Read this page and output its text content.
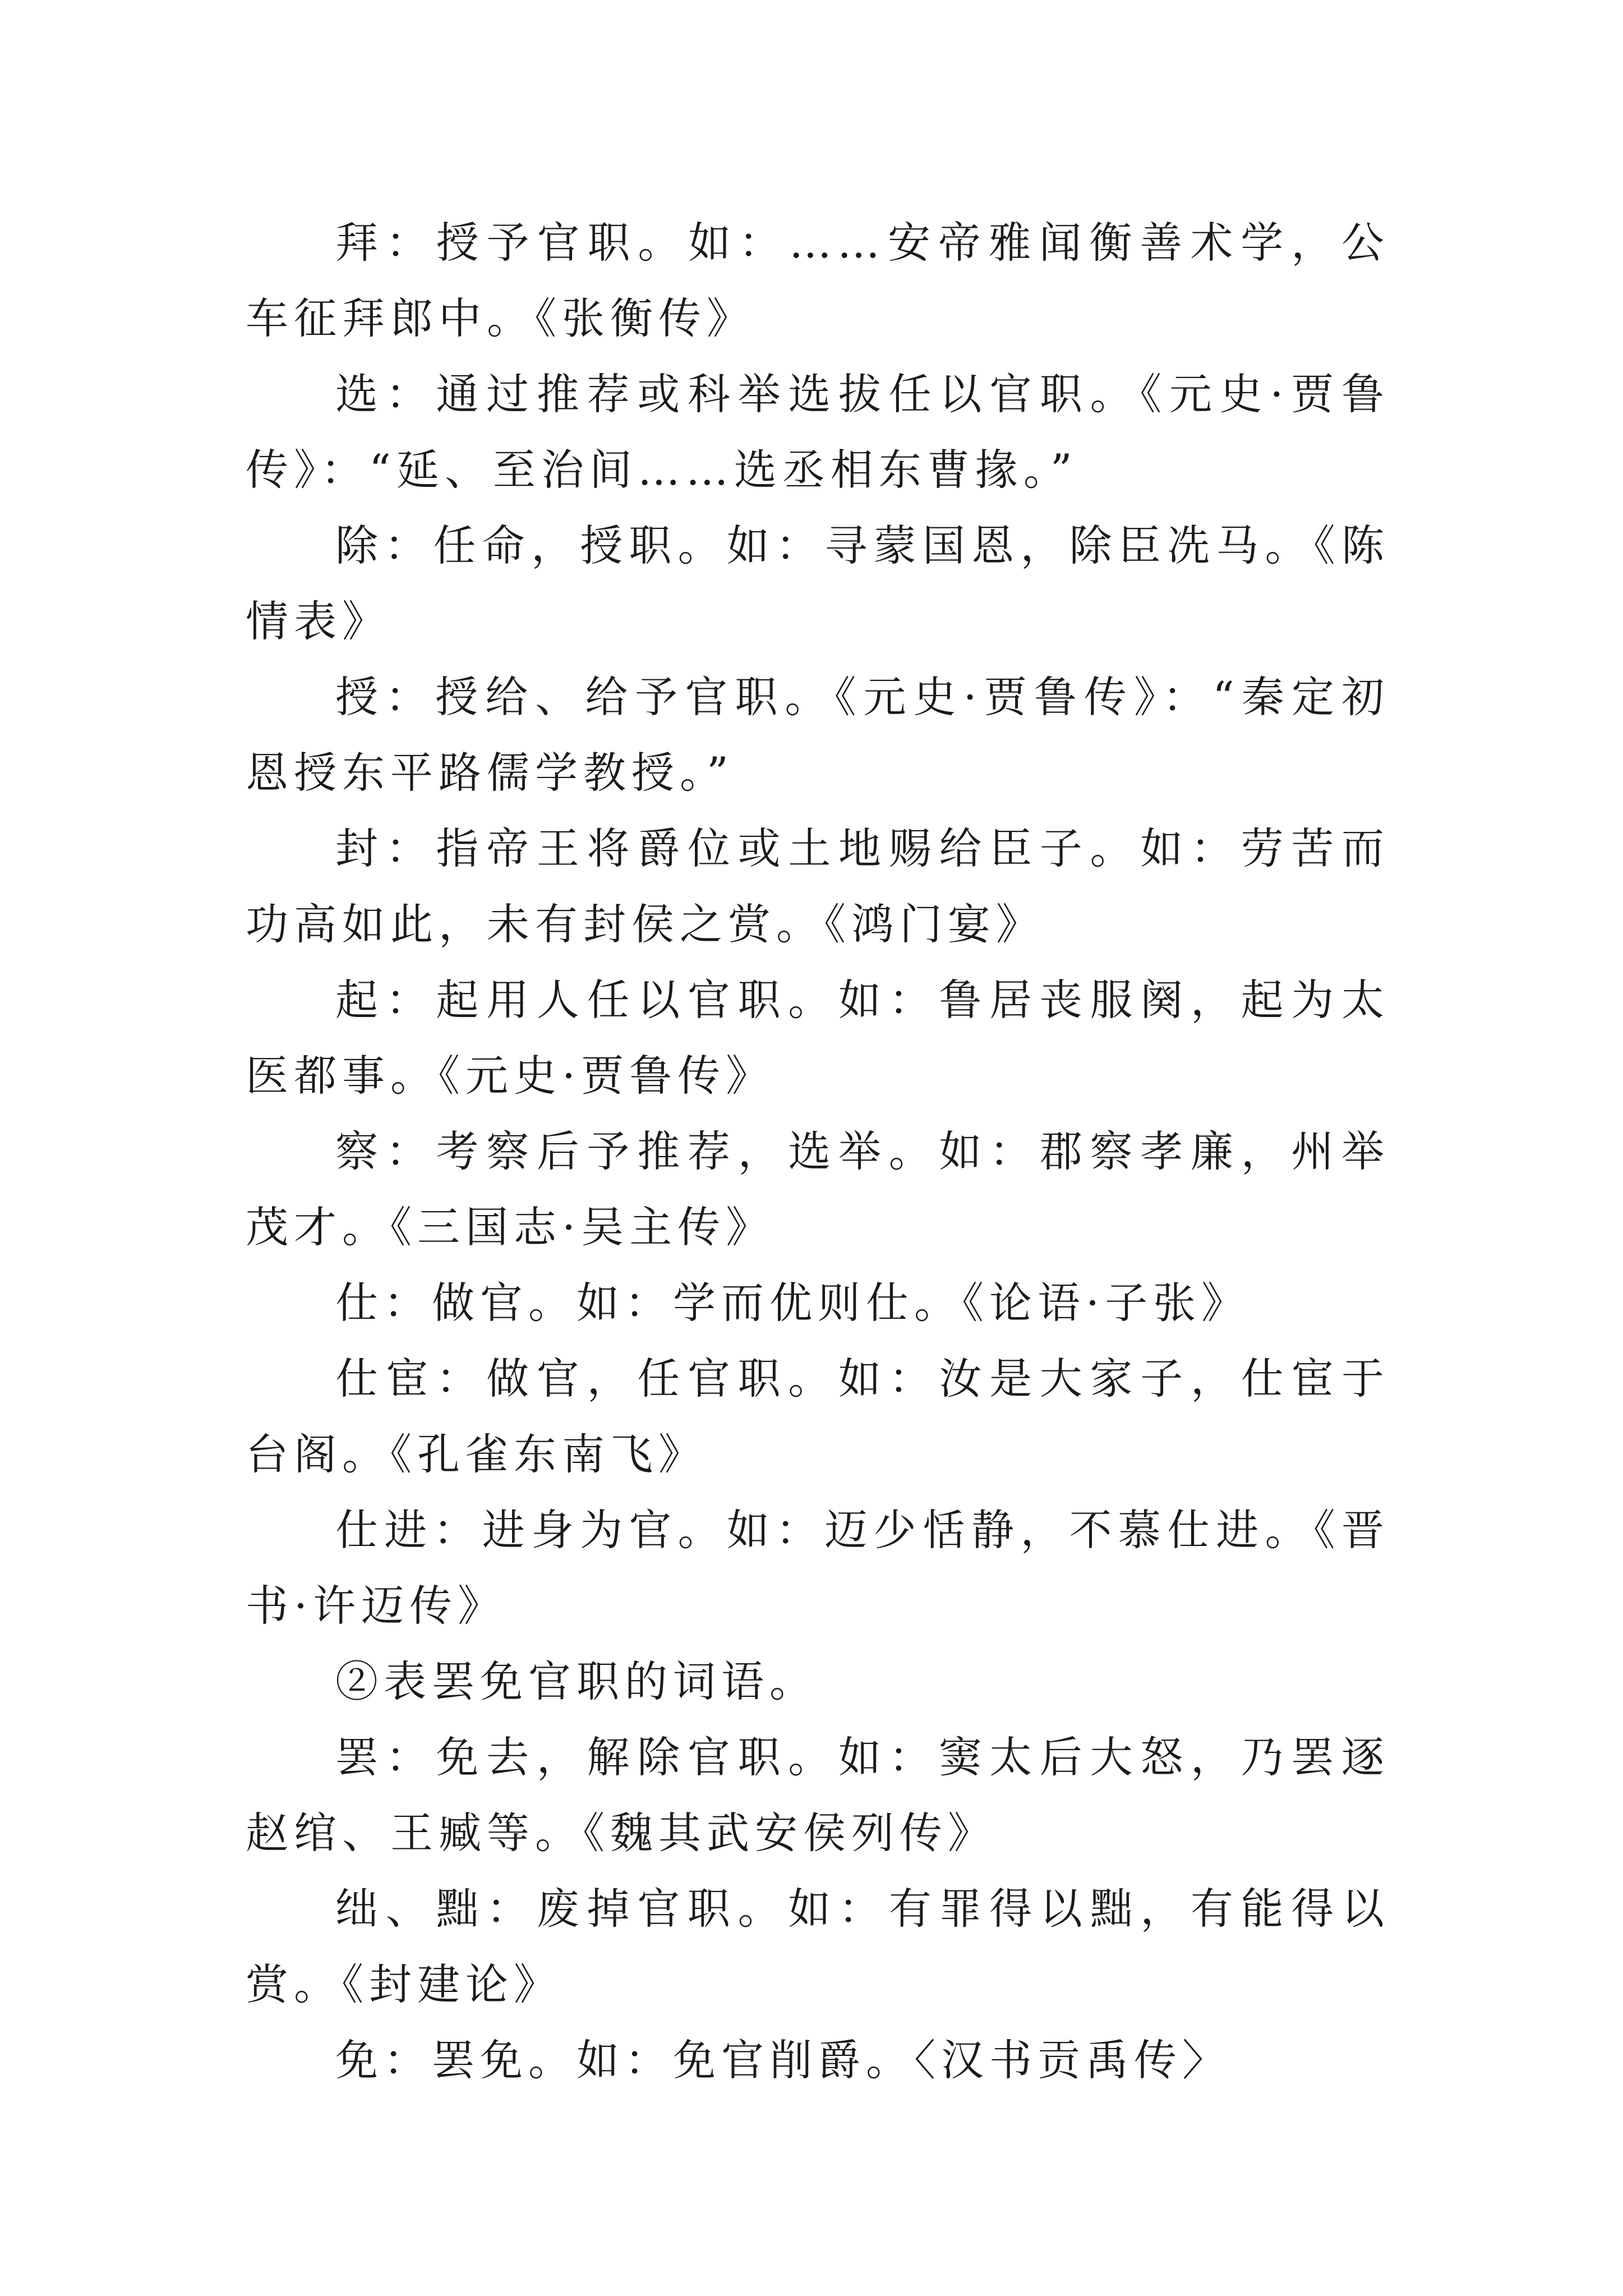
拜：授予官职。如：……安帝雅闻衡善术学，公车征拜郎中。《张衡传》

选：通过推荐或科举选拔任以官职。《元史·贾鲁传》：“延、至治间……选丞相东曹掾。”

除：任命，授职。如：寻蒙国恩，除臣冼马。《陈情表》

授：授给、给予官职。《元史·贾鲁传》：“秦定初恩授东平路儒学教授。”

封：指帝王将爵位或土地赐给臣子。如：劳苦而功高如此，未有封侯之赏。《鸿门宴》

起：起用人任以官职。如：鲁居丧服阕，起为太医都事。《元史·贾鲁传》

察：考察后予推荐，选举。如：郡察孝廉，州举茂才。《三国志·吴主传》

仕：做官。如：学而优则仕。《论语·子张》

仕宦：做官，任官职。如：汝是大家子，仕宦于台阁。《孔雀东南飞》

仕进：进身为官。如：迈少恬静，不慕仕进。《晋书·许迈传》

②表罢免官职的词语。

罢：免去，解除官职。如：窦太后大怒，乃罢逐赵绾、王臧等。《魏其武安侯列传》

绌、黜：废掉官职。如：有罪得以黜，有能得以赏。《封建论》

免：罢免。如：免官削爵。〈汉书贡禹传〉
